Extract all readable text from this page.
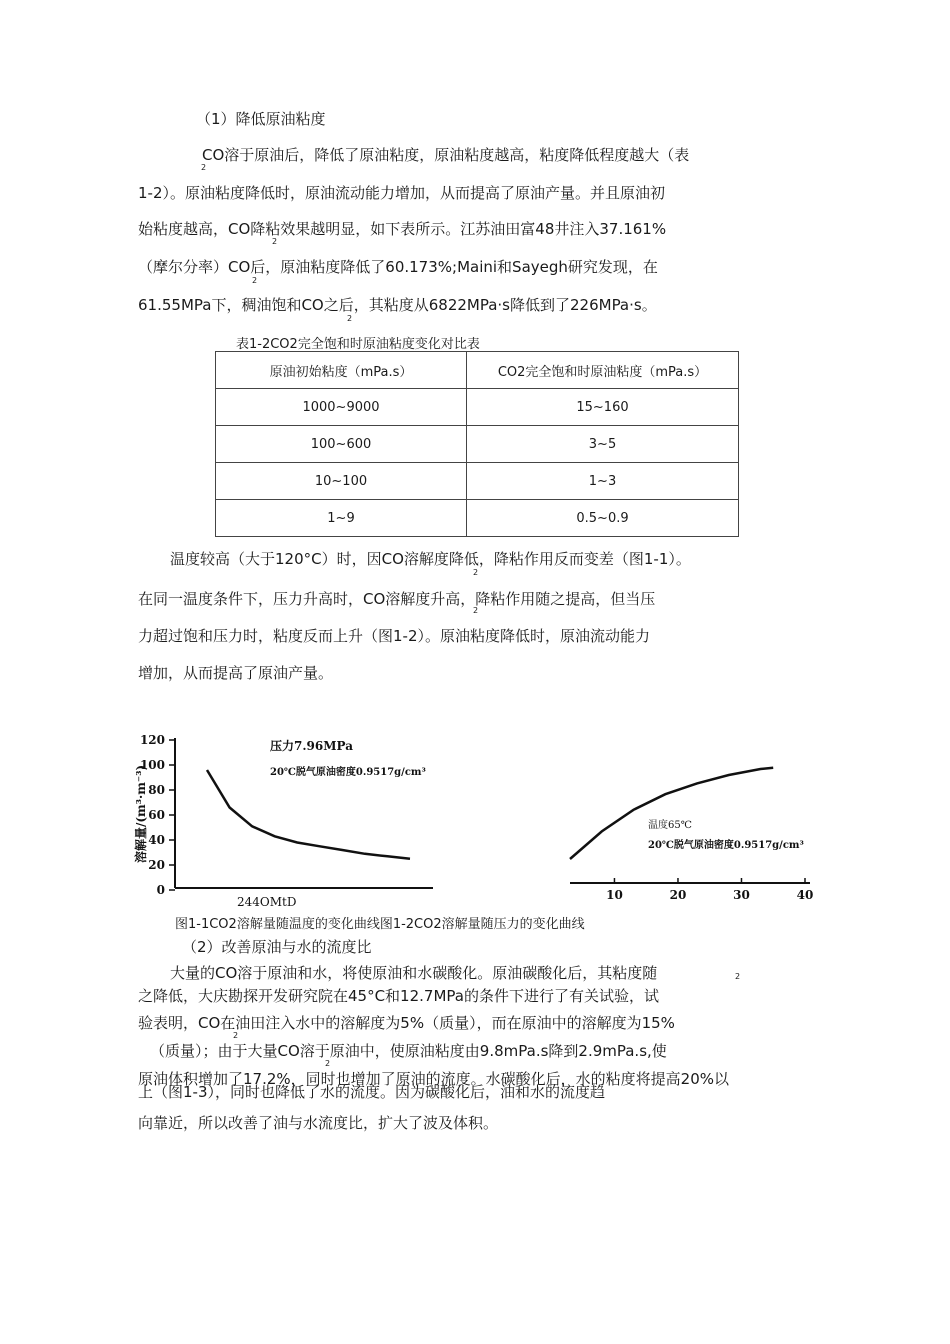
（1）降低原油粘度
CO溶于原油后，降低了原油粘度，原油粘度越高，粘度降低程度越大（表
2
1-2）。原油粘度降低时，原油流动能力增加，从而提高了原油产量。并且原油初
始粘度越高，CO降粘效果越明显，如下表所示。江苏油田富48井注入37.161%
2
（摩尔分率）CO后，原油粘度降低了60.173%;Maini和Sayegh研究发现，在
2
61.55MPa下，稠油饱和CO之后，其粘度从6822MPa·s降低到了226MPa·s。
2
表1-2CO2完全饱和时原油粘度变化对比表
原油初始粘度（mPa.s）	CO2完全饱和时原油粘度（mPa.s）
1000~9000	15~160
100~600	3~5
10~100	1~3
1~9	0.5~0.9
温度较高（大于120°C）时，因CO溶解度降低，降粘作用反而变差（图1-1）。
2
在同一温度条件下，压力升高时，CO溶解度升高，降粘作用随之提高，但当压
2
力超过饱和压力时，粘度反而上升（图1-2）。原油粘度降低时，原油流动能力
增加，从而提高了原油产量。
溶解量/(m³·m⁻³)
0
20
40
60
80
100
120	压力7.96MPa
20℃脱气原油密度0.9517g/cm³
244OMtD	10	20	30	40
温度65℃
20℃脱气原油密度0.9517g/cm³
图1-1CO2溶解量随温度的变化曲线图1-2CO2溶解量随压力的变化曲线
（2）改善原油与水的流度比
大量的CO溶于原油和水，将使原油和水碳酸化。原油碳酸化后，其粘度随	2
之降低，大庆勘探开发研究院在45°C和12.7MPa的条件下进行了有关试验，试
验表明，CO在油田注入水中的溶解度为5%（质量），而在原油中的溶解度为15%
2
（质量）；由于大量CO溶于原油中，使原油粘度由9.8mPa.s降到2.9mPa.s,使
2
原油体积增加了17.2%，同时也增加了原油的流度。水碳酸化后，水的粘度将提高20%以
上（图1-3），同时也降低了水的流度。因为碳酸化后，油和水的流度趋
向靠近，所以改善了油与水流度比，扩大了波及体积。
